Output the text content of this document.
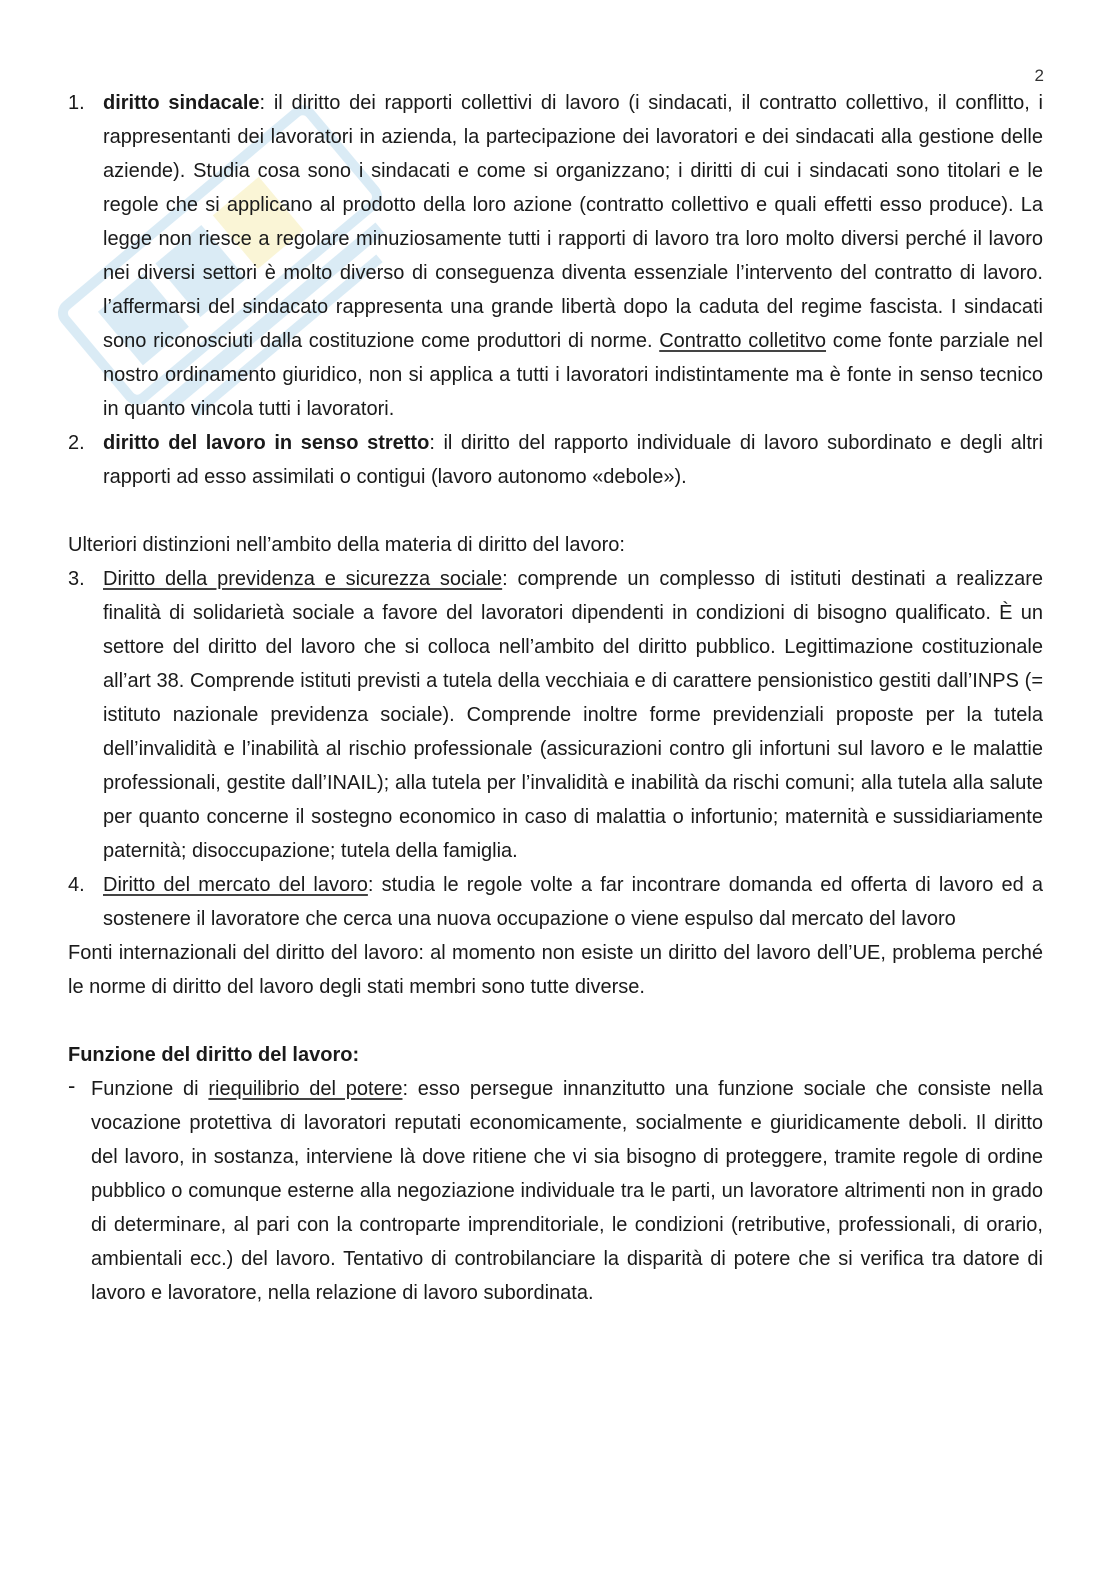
2
1. diritto sindacale: il diritto dei rapporti collettivi di lavoro (i sindacati, il contratto collettivo, il conflitto, i rappresentanti dei lavoratori in azienda, la partecipazione dei lavoratori e dei sindacati alla gestione delle aziende). Studia cosa sono i sindacati e come si organizzano; i diritti di cui i sindacati sono titolari e le regole che si applicano al prodotto della loro azione (contratto collettivo e quali effetti esso produce). La legge non riesce a regolare minuziosamente tutti i rapporti di lavoro tra loro molto diversi perché il lavoro nei diversi settori è molto diverso di conseguenza diventa essenziale l’intervento del contratto di lavoro. l’affermarsi del sindacato rappresenta una grande libertà dopo la caduta del regime fascista. I sindacati sono riconosciuti dalla costituzione come produttori di norme. Contratto colletitvo come fonte parziale nel nostro ordinamento giuridico, non si applica a tutti i lavoratori indistintamente ma è fonte in senso tecnico in quanto vincola tutti i lavoratori.
2. diritto del lavoro in senso stretto: il diritto del rapporto individuale di lavoro subordinato e degli altri rapporti ad esso assimilati o contigui (lavoro autonomo «debole»).

Ulteriori distinzioni nell’ambito della materia di diritto del lavoro:

3. Diritto della previdenza e sicurezza sociale: comprende un complesso di istituti destinati a realizzare finalità di solidarietà sociale a favore del lavoratori dipendenti in condizioni di bisogno qualificato. È un settore del diritto del lavoro che si colloca nell’ambito del diritto pubblico. Legittimazione costituzionale all’art 38. Comprende istituti previsti a tutela della vecchiaia e di carattere pensionistico gestiti dall’INPS (= istituto nazionale previdenza sociale). Comprende inoltre forme previdenziali proposte per la tutela dell’invalidità e l’inabilità al rischio professionale (assicurazioni contro gli infortuni sul lavoro e le malattie professionali, gestite dall’INAIL); alla tutela per l’invalidità e inabilità da rischi comuni; alla tutela alla salute per quanto concerne il sostegno economico in caso di malattia o infortunio; maternità e sussidiariamente paternità; disoccupazione; tutela della famiglia.
4. Diritto del mercato del lavoro: studia le regole volte a far incontrare domanda ed offerta di lavoro ed a sostenere il lavoratore che cerca una nuova occupazione o viene espulso dal mercato del lavoro

Fonti internazionali del diritto del lavoro: al momento non esiste un diritto del lavoro dell’UE, problema perché le norme di diritto del lavoro degli stati membri sono tutte diverse.

Funzione del diritto del lavoro:

- Funzione di riequilibrio del potere: esso persegue innanzitutto una funzione sociale che consiste nella vocazione protettiva di lavoratori reputati economicamente, socialmente e giuridicamente deboli. Il diritto del lavoro, in sostanza, interviene là dove ritiene che vi sia bisogno di proteggere, tramite regole di ordine pubblico o comunque esterne alla negoziazione individuale tra le parti, un lavoratore altrimenti non in grado di determinare, al pari con la controparte imprenditoriale, le condizioni (retributive, professionali, di orario, ambientali ecc.) del lavoro. Tentativo di controbilanciare la disparità di potere che si verifica tra datore di lavoro e lavoratore, nella relazione di lavoro subordinata.
